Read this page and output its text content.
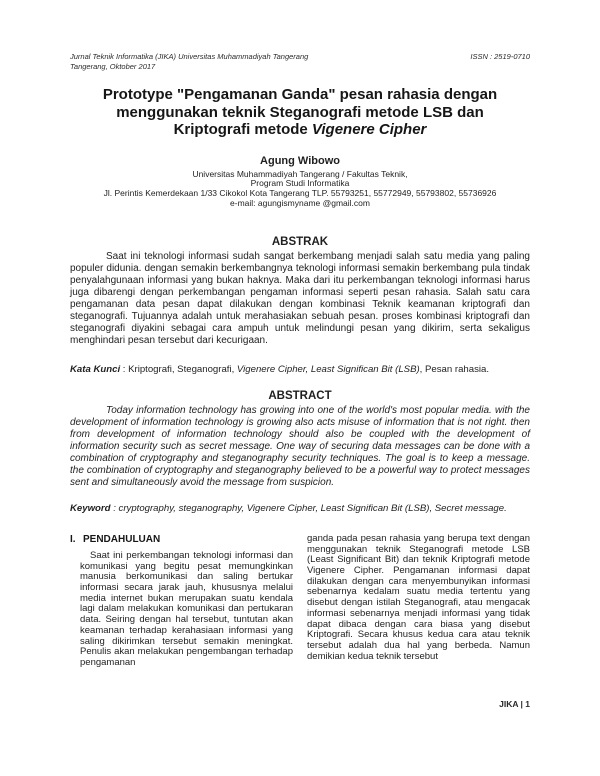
Jurnal Teknik Informatika (JIKA) Universitas Muhammadiyah Tangerang
Tangerang, Oktober 2017
ISSN : 2519-0710
Prototype "Pengamanan Ganda" pesan rahasia dengan
menggunakan teknik Steganografi metode LSB dan
Kriptografi metode Vigenere Cipher
Agung Wibowo
Universitas Muhammadiyah Tangerang / Fakultas Teknik,
Program Studi Informatika
Jl. Perintis Kemerdekaan 1/33 Cikokol Kota Tangerang TLP. 55793251, 55772949, 55793802, 55736926
e-mail: agungismyname @gmail.com
ABSTRAK

Saat ini teknologi informasi sudah sangat berkembang menjadi salah satu media yang paling populer didunia. dengan semakin berkembangnya teknologi informasi semakin berkembang pula tindak penyalahgunaan informasi yang bukan haknya. Maka dari itu perkembangan teknologi informasi harus juga dibarengi dengan perkembangan pengaman informasi seperti pesan rahasia. Salah satu cara pengamanan data pesan dapat dilakukan dengan kombinasi Teknik keamanan kriptografi dan steganografi. Tujuannya adalah untuk merahasiakan sebuah pesan. proses kombinasi kriptografi dan steganografi diyakini sebagai cara ampuh untuk melindungi pesan yang dikirim, serta sekaligus menghindari pesan tersebut dari kecurigaan.

Kata Kunci : Kriptografi, Steganografi, Vigenere Cipher, Least Significan Bit (LSB), Pesan rahasia.

ABSTRACT

Today information technology has growing into one of the world's most popular media. with the development of information technology is growing also acts misuse of information that is not right. then from development of information technology should also be coupled with the development of information security such as secret message. One way of securing data messages can be done with a combination of cryptography and steganography security techniques. The goal is to keep a message. the combination of cryptography and steganography believed to be a powerful way to protect messages sent and simultaneously avoid the message from suspicion.

Keyword : cryptography, steganography, Vigenere Cipher, Least Significan Bit (LSB), Secret message.

I. PENDAHULUAN

Saat ini perkembangan teknologi informasi dan komunikasi yang begitu pesat memungkinkan manusia berkomunikasi dan saling bertukar informasi secara jarak jauh, khususnya melalui media internet bukan merupakan suatu kendala lagi dalam melakukan komunikasi dan pertukaran data. Seiring dengan hal tersebut, tuntutan akan keamanan terhadap kerahasiaan informasi yang saling dikirimkan tersebut semakin meningkat. Penulis akan melakukan pengembangan terhadap pengamanan

ganda pada pesan rahasia yang berupa text dengan menggunakan teknik Steganografi metode LSB (Least Significant Bit) dan teknik Kriptografi metode Vigenere Cipher. Pengamanan informasi dapat dilakukan dengan cara menyembunyikan informasi sebenarnya kedalam suatu media tertentu yang disebut dengan istilah Steganografi, atau mengacak informasi sebenarnya menjadi informasi yang tidak dapat dibaca dengan cara biasa yang disebut Kriptografi. Secara khusus kedua cara atau teknik tersebut adalah dua hal yang berbeda. Namun demikian kedua teknik tersebut

JIKA | 1
